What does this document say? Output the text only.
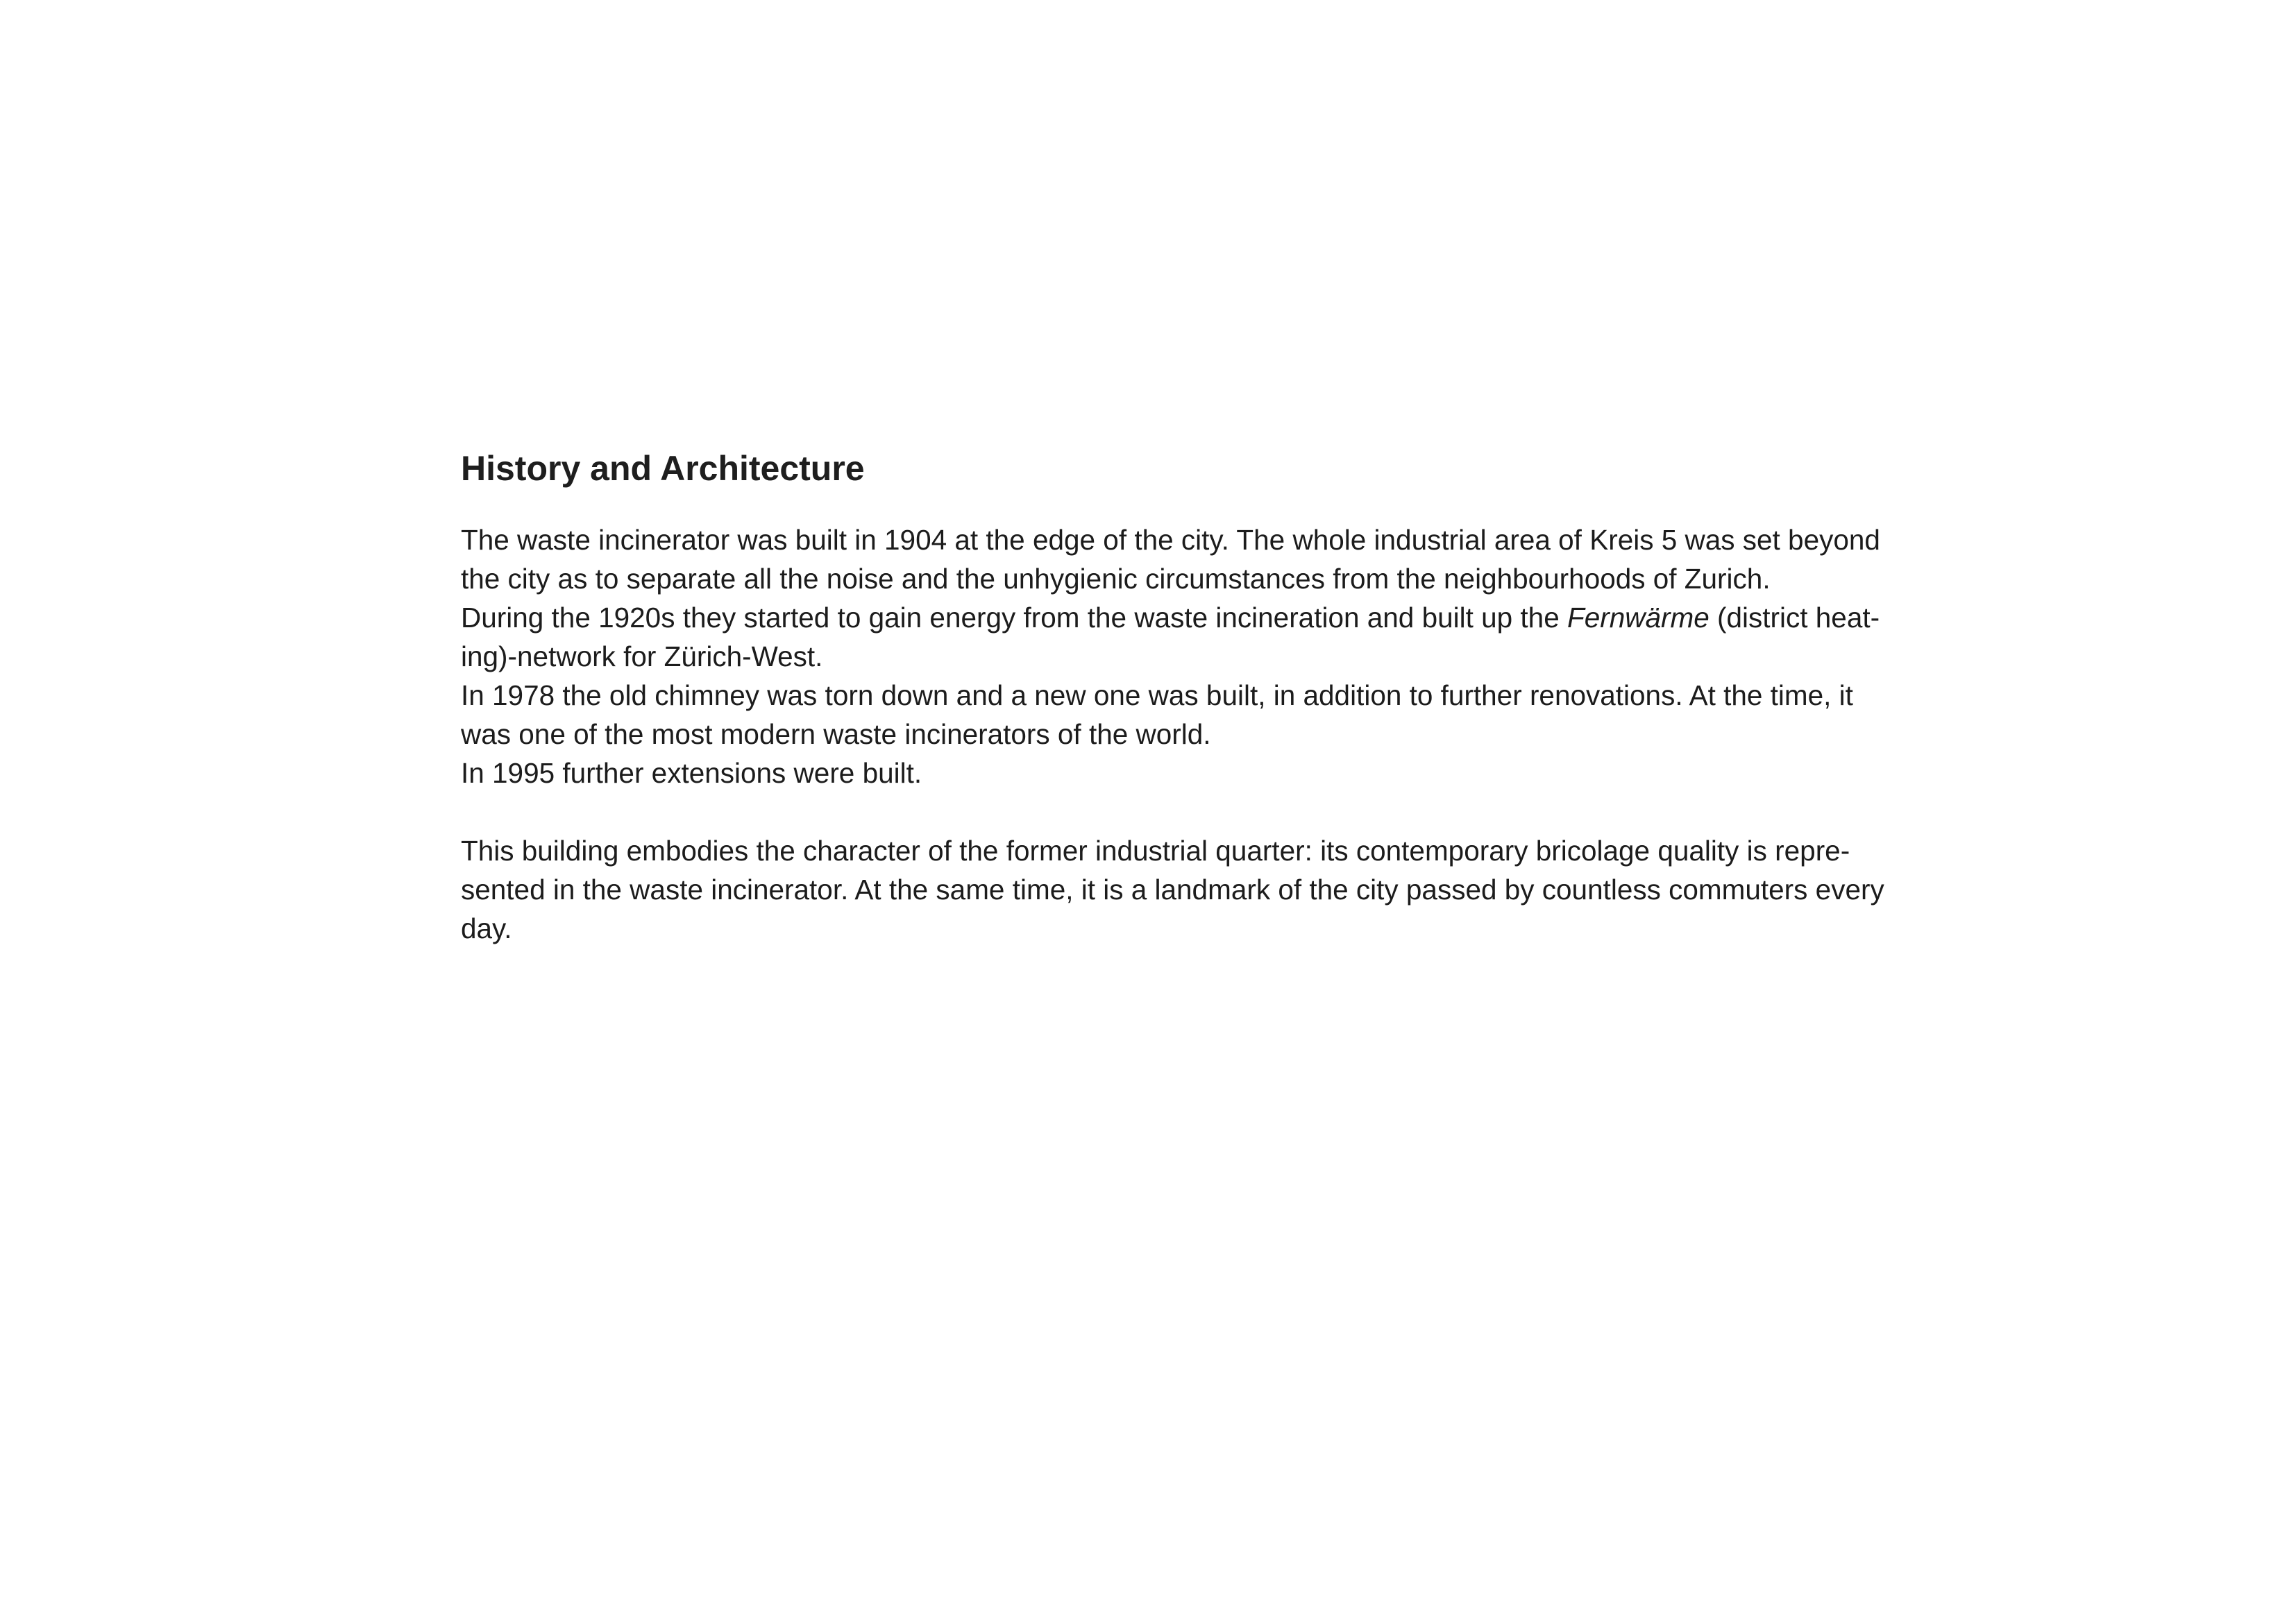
History and Architecture
The waste incinerator was built in 1904 at the edge of the city. The whole industrial area of Kreis 5 was set beyond
the city as to separate all the noise and the unhygienic circumstances from the neighbourhoods of Zurich.
During the 1920s they started to gain energy from the waste incineration and built up the Fernwärme (district heat-
ing)-network for Zürich-West.
In 1978 the old chimney was torn down and a new one was built, in addition to further renovations. At the time, it
was one of the most modern waste incinerators of the world.
In 1995 further extensions were built.
This building embodies the character of the former industrial quarter: its contemporary bricolage quality is repre-
sented in the waste incinerator. At the same time, it is a landmark of the city passed by countless commuters every
day.
